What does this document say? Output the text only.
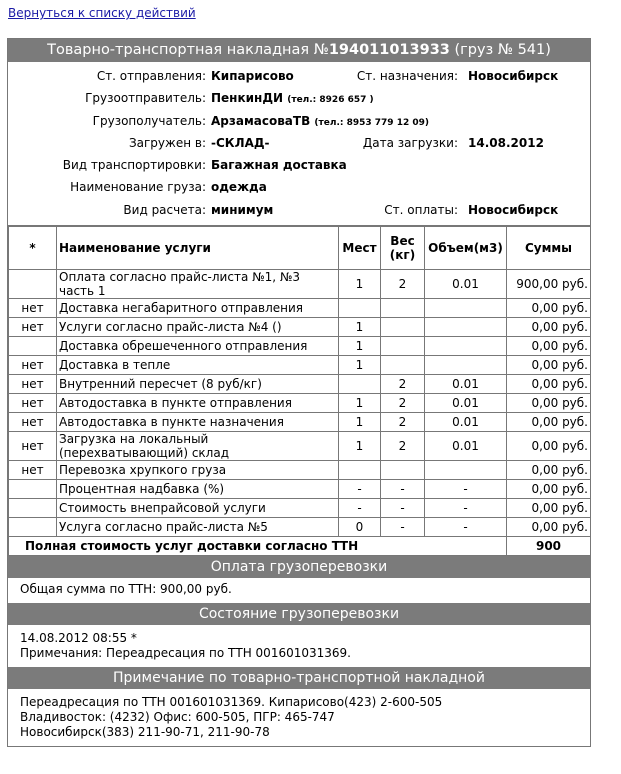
Вернуться к списку действий
Товарно-транспортная накладная №194011013933 (груз № 541)
Ст. отправления: Кипарисово	Ст. назначения: Новосибирск
Грузоотправитель: ПенкинДИ (тел.: 8926 657 )
Грузополучатель: АрзамасоваТВ (тел.: 8953 779 12 09)
Загружен в: -СКЛАД-	Дата загрузки: 14.08.2012
Вид транспортировки: Багажная доставка
Наименование груза: одежда
Вид расчета: минимум	Ст. оплаты: Новосибирск
*	Наименование услуги	Мест	Вес (кг)	Объем(м3)	Суммы
	Оплата согласно прайс-листа №1, №3 часть 1	1	2	0.01	900,00 руб.
нет	Доставка негабаритного отправления				0,00 руб.
нет	Услуги согласно прайс-листа №4 ()	1			0,00 руб.
	Доставка обрешеченного отправления	1			0,00 руб.
нет	Доставка в тепле	1			0,00 руб.
нет	Внутренний пересчет (8 руб/кг)		2	0.01	0,00 руб.
нет	Автодоставка в пункте отправления	1	2	0.01	0,00 руб.
нет	Автодоставка в пункте назначения	1	2	0.01	0,00 руб.
нет	Загрузка на локальный (перехватывающий) склад	1	2	0.01	0,00 руб.
нет	Перевозка хрупкого груза				0,00 руб.
	Процентная надбавка (%)	-	-	-	0,00 руб.
	Стоимость внепрайсовой услуги	-	-	-	0,00 руб.
	Услуга согласно прайс-листа №5	0	-	-	0,00 руб.
Полная стоимость услуг доставки согласно ТТН					900
Оплата грузоперевозки
Общая сумма по ТТН: 900,00 руб.
Состояние грузоперевозки
14.08.2012 08:55 *
Примечания: Переадресация по ТТН 001601031369.
Примечание по товарно-транспортной накладной
Переадресация по ТТН 001601031369. Кипарисово(423) 2-600-505
Владивосток: (4232) Офис: 600-505, ПГР: 465-747
Новосибирск(383) 211-90-71, 211-90-78
